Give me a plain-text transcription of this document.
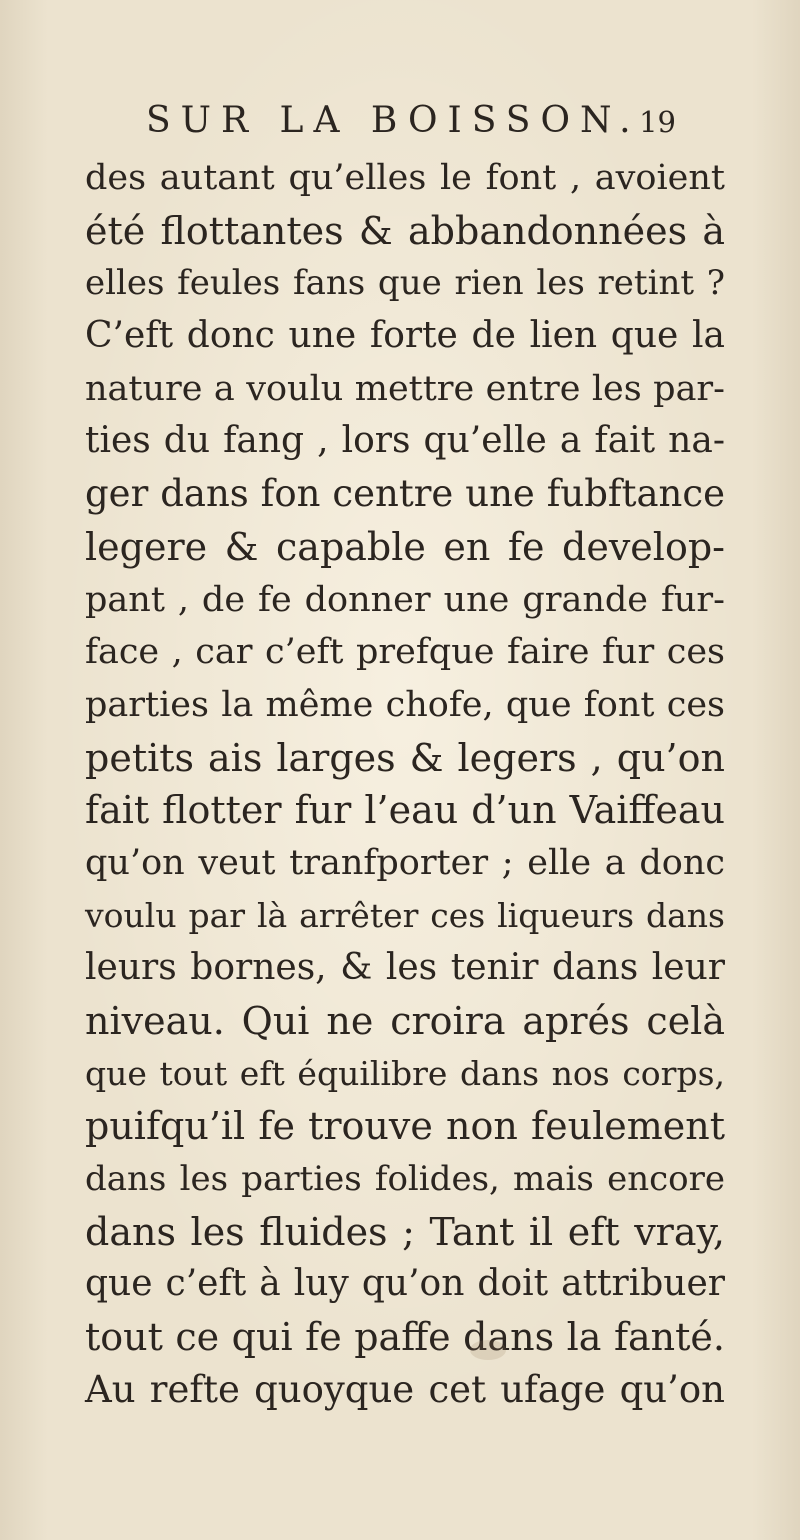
SUR LA BOISSON.
19
des autant qu’elles le font , avoient
été flottantes & abbandonnées à
elles feules fans que rien les retint ?
C’eft donc une forte de lien que la
nature a voulu mettre entre les par-
ties du fang , lors qu’elle a fait na-
ger dans fon centre une fubftance
legere & capable en fe develop-
pant , de fe donner une grande fur-
face , car c’eft prefque faire fur ces
parties la même chofe, que font ces
petits ais larges & legers , qu’on
fait flotter fur l’eau d’un Vaiffeau
qu’on veut tranfporter ; elle a donc
voulu par là arrêter ces liqueurs dans
leurs bornes, & les tenir dans leur
niveau. Qui ne croira aprés celà
que tout eft équilibre dans nos corps,
puifqu’il fe trouve non feulement
dans les parties folides, mais encore
dans les fluides ; Tant il eft vray,
que c’eft à luy qu’on doit attribuer
tout ce qui fe paffe dans la fanté.
Au refte quoyque cet ufage qu’on
